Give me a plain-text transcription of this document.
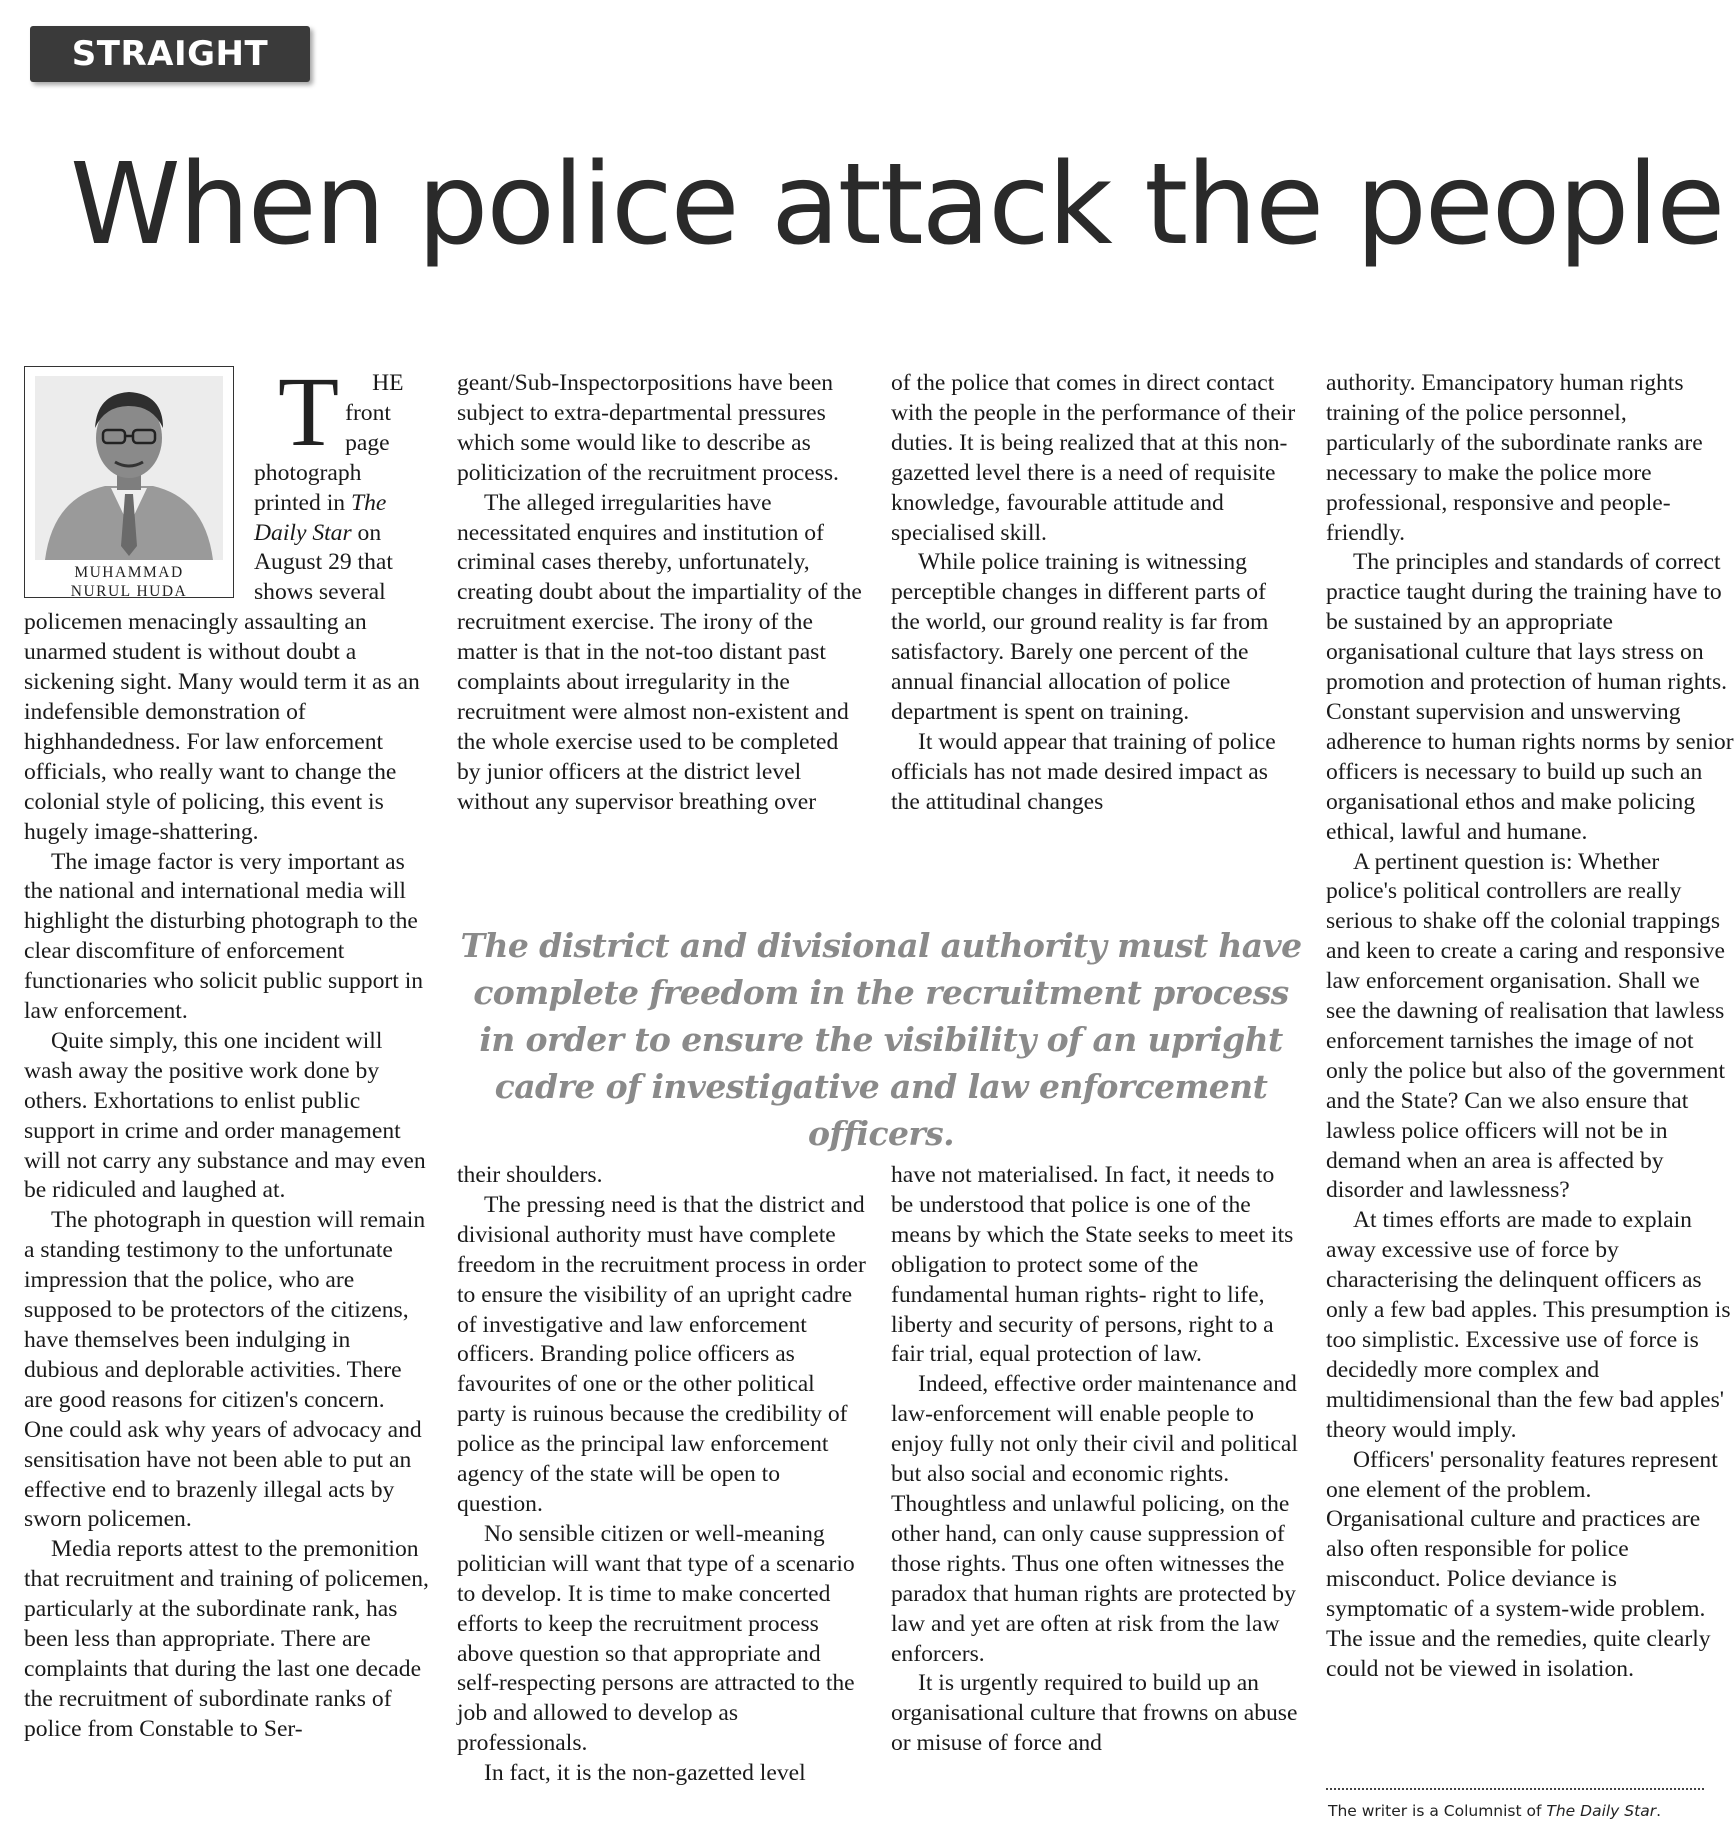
STRAIGHT LINE
When police attack the people
MUHAMMAD
NURUL HUDA

T HE front page photograph printed in The Daily Star on August 29 that shows several policemen menacingly assaulting an unarmed student is without doubt a sickening sight. Many would term it as an indefensible demonstration of highhandedness. For law enforcement officials, who really want to change the colonial style of policing, this event is hugely image-shattering.

The image factor is very important as the national and international media will highlight the disturbing photograph to the clear discomfiture of enforcement functionaries who solicit public support in law enforcement.

Quite simply, this one incident will wash away the positive work done by others. Exhortations to enlist public support in crime and order management will not carry any substance and may even be ridiculed and laughed at.

The photograph in question will remain a standing testimony to the unfortunate impression that the police, who are supposed to be protectors of the citizens, have themselves been indulging in dubious and deplorable activities. There are good reasons for citizen's concern. One could ask why years of advocacy and sensitisation have not been able to put an effective end to brazenly illegal acts by sworn policemen.

Media reports attest to the premonition that recruitment and training of policemen, particularly at the subordinate rank, has been less than appropriate. There are complaints that during the last one decade the recruitment of subordinate ranks of police from Constable to Ser-

geant/Sub-Inspectorpositions have been subject to extra-departmental pressures which some would like to describe as politicization of the recruitment process.

The alleged irregularities have necessitated enquires and institution of criminal cases thereby, unfortunately, creating doubt about the impartiality of the recruitment exercise. The irony of the matter is that in the not-too distant past complaints about irregularity in the recruitment were almost non-existent and the whole exercise used to be completed by junior officers at the district level without any supervisor breathing over

of the police that comes in direct contact with the people in the performance of their duties. It is being realized that at this non-gazetted level there is a need of requisite knowledge, favourable attitude and specialised skill.

While police training is witnessing perceptible changes in different parts of the world, our ground reality is far from satisfactory. Barely one percent of the annual financial allocation of police department is spent on training.

It would appear that training of police officials has not made desired impact as the attitudinal changes

The district and divisional authority must have complete freedom in the recruitment process in order to ensure the visibility of an upright cadre of investigative and law enforcement officers.

their shoulders.

The pressing need is that the district and divisional authority must have complete freedom in the recruitment process in order to ensure the visibility of an upright cadre of investigative and law enforcement officers. Branding police officers as favourites of one or the other political party is ruinous because the credibility of police as the principal law enforcement agency of the state will be open to question.

No sensible citizen or well-meaning politician will want that type of a scenario to develop. It is time to make concerted efforts to keep the recruitment process above question so that appropriate and self-respecting persons are attracted to the job and allowed to develop as professionals.

In fact, it is the non-gazetted level

have not materialised. In fact, it needs to be understood that police is one of the means by which the State seeks to meet its obligation to protect some of the fundamental human rights- right to life, liberty and security of persons, right to a fair trial, equal protection of law.

Indeed, effective order maintenance and law-enforcement will enable people to enjoy fully not only their civil and political but also social and economic rights. Thoughtless and unlawful policing, on the other hand, can only cause suppression of those rights. Thus one often witnesses the paradox that human rights are protected by law and yet are often at risk from the law enforcers.

It is urgently required to build up an organisational culture that frowns on abuse or misuse of force and

authority. Emancipatory human rights training of the police personnel, particularly of the subordinate ranks are necessary to make the police more professional, responsive and people-friendly.

The principles and standards of correct practice taught during the training have to be sustained by an appropriate organisational culture that lays stress on promotion and protection of human rights. Constant supervision and unswerving adherence to human rights norms by senior officers is necessary to build up such an organisational ethos and make policing ethical, lawful and humane.

A pertinent question is: Whether police's political controllers are really serious to shake off the colonial trappings and keen to create a caring and responsive law enforcement organisation. Shall we see the dawning of realisation that lawless enforcement tarnishes the image of not only the police but also of the government and the State? Can we also ensure that lawless police officers will not be in demand when an area is affected by disorder and lawlessness?

At times efforts are made to explain away excessive use of force by characterising the delinquent officers as only a few bad apples. This presumption is too simplistic. Excessive use of force is decidedly more complex and multidimensional than the few bad apples' theory would imply.

Officers' personality features represent one element of the problem. Organisational culture and practices are also often responsible for police misconduct. Police deviance is symptomatic of a system-wide problem. The issue and the remedies, quite clearly could not be viewed in isolation.

The writer is a Columnist of The Daily Star.
